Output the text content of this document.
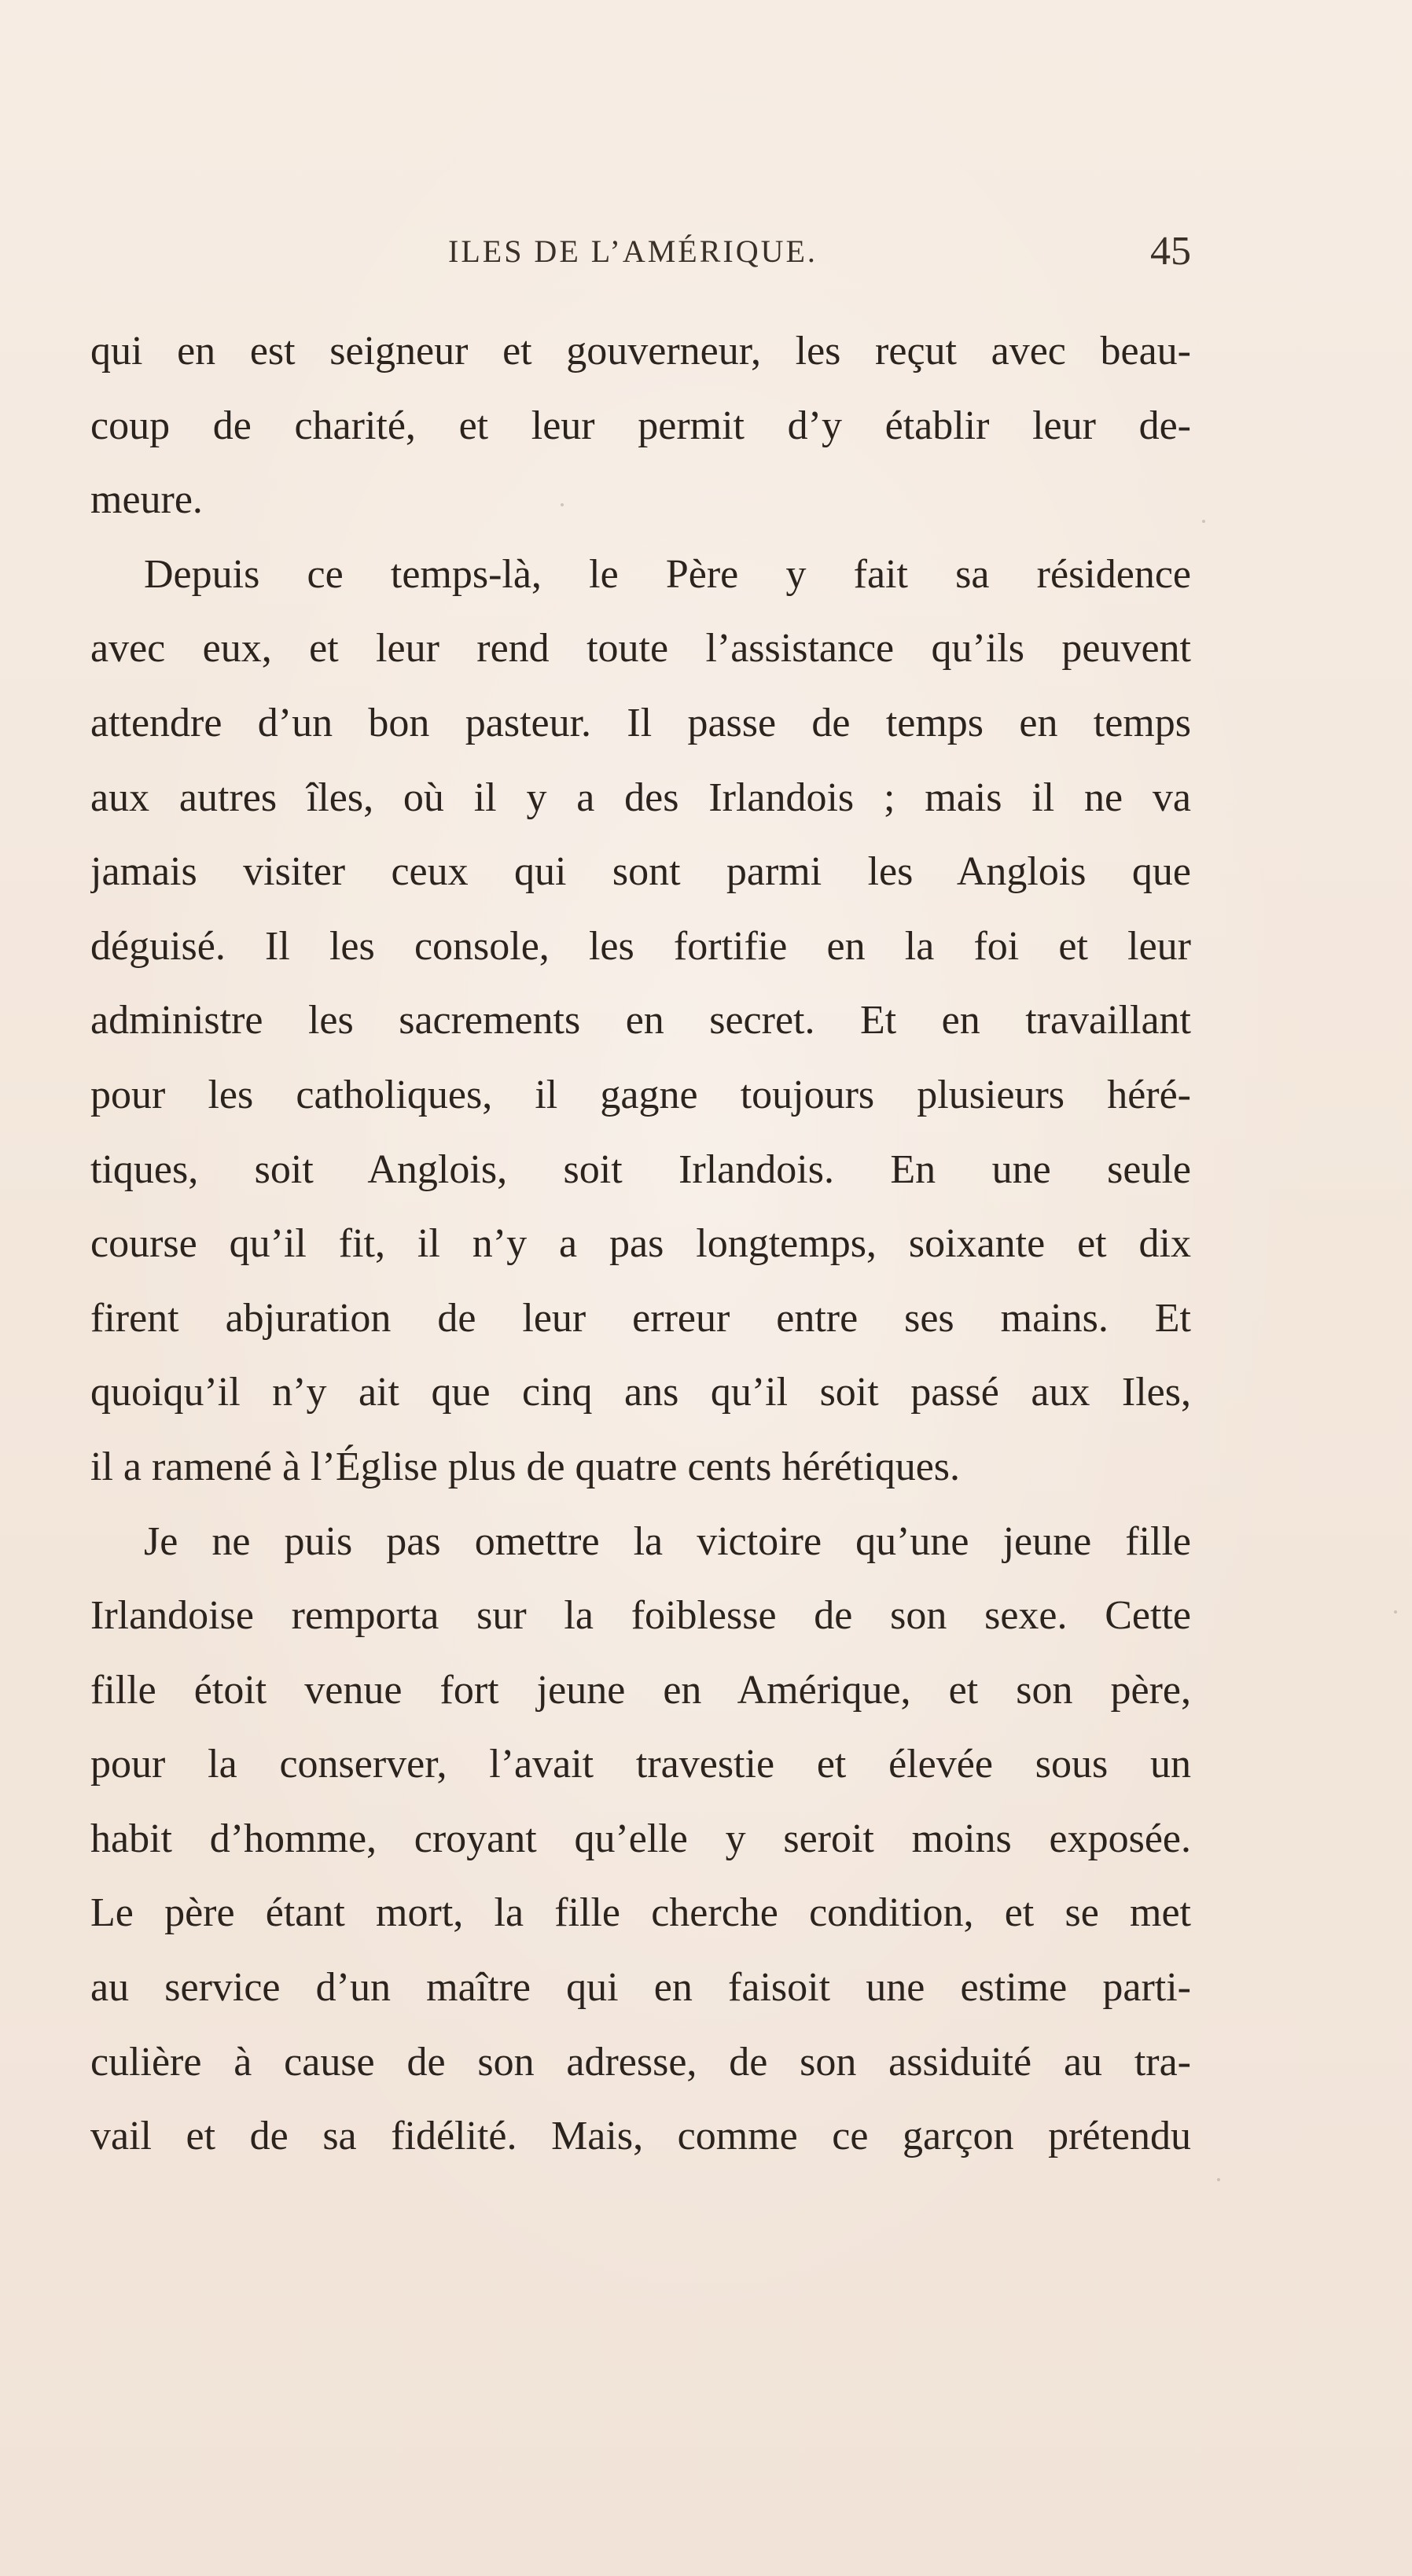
ILES DE L’AMÉRIQUE.	45
qui en est seigneur et gouverneur, les reçut avec beau-
coup de charité, et leur permit d’y établir leur de-
meure.
Depuis ce temps-là, le Père y fait sa résidence
avec eux, et leur rend toute l’assistance qu’ils peuvent
attendre d’un bon pasteur. Il passe de temps en temps
aux autres îles, où il y a des Irlandois ; mais il ne va
jamais visiter ceux qui sont parmi les Anglois que
déguisé. Il les console, les fortifie en la foi et leur
administre les sacrements en secret. Et en travaillant
pour les catholiques, il gagne toujours plusieurs héré-
tiques, soit Anglois, soit Irlandois. En une seule
course qu’il fit, il n’y a pas longtemps, soixante et dix
firent abjuration de leur erreur entre ses mains. Et
quoiqu’il n’y ait que cinq ans qu’il soit passé aux Iles,
il a ramené à l’Église plus de quatre cents hérétiques.
Je ne puis pas omettre la victoire qu’une jeune fille
Irlandoise remporta sur la foiblesse de son sexe. Cette
fille étoit venue fort jeune en Amérique, et son père,
pour la conserver, l’avait travestie et élevée sous un
habit d’homme, croyant qu’elle y seroit moins exposée.
Le père étant mort, la fille cherche condition, et se met
au service d’un maître qui en faisoit une estime parti-
culière à cause de son adresse, de son assiduité au tra-
vail et de sa fidélité. Mais, comme ce garçon prétendu
